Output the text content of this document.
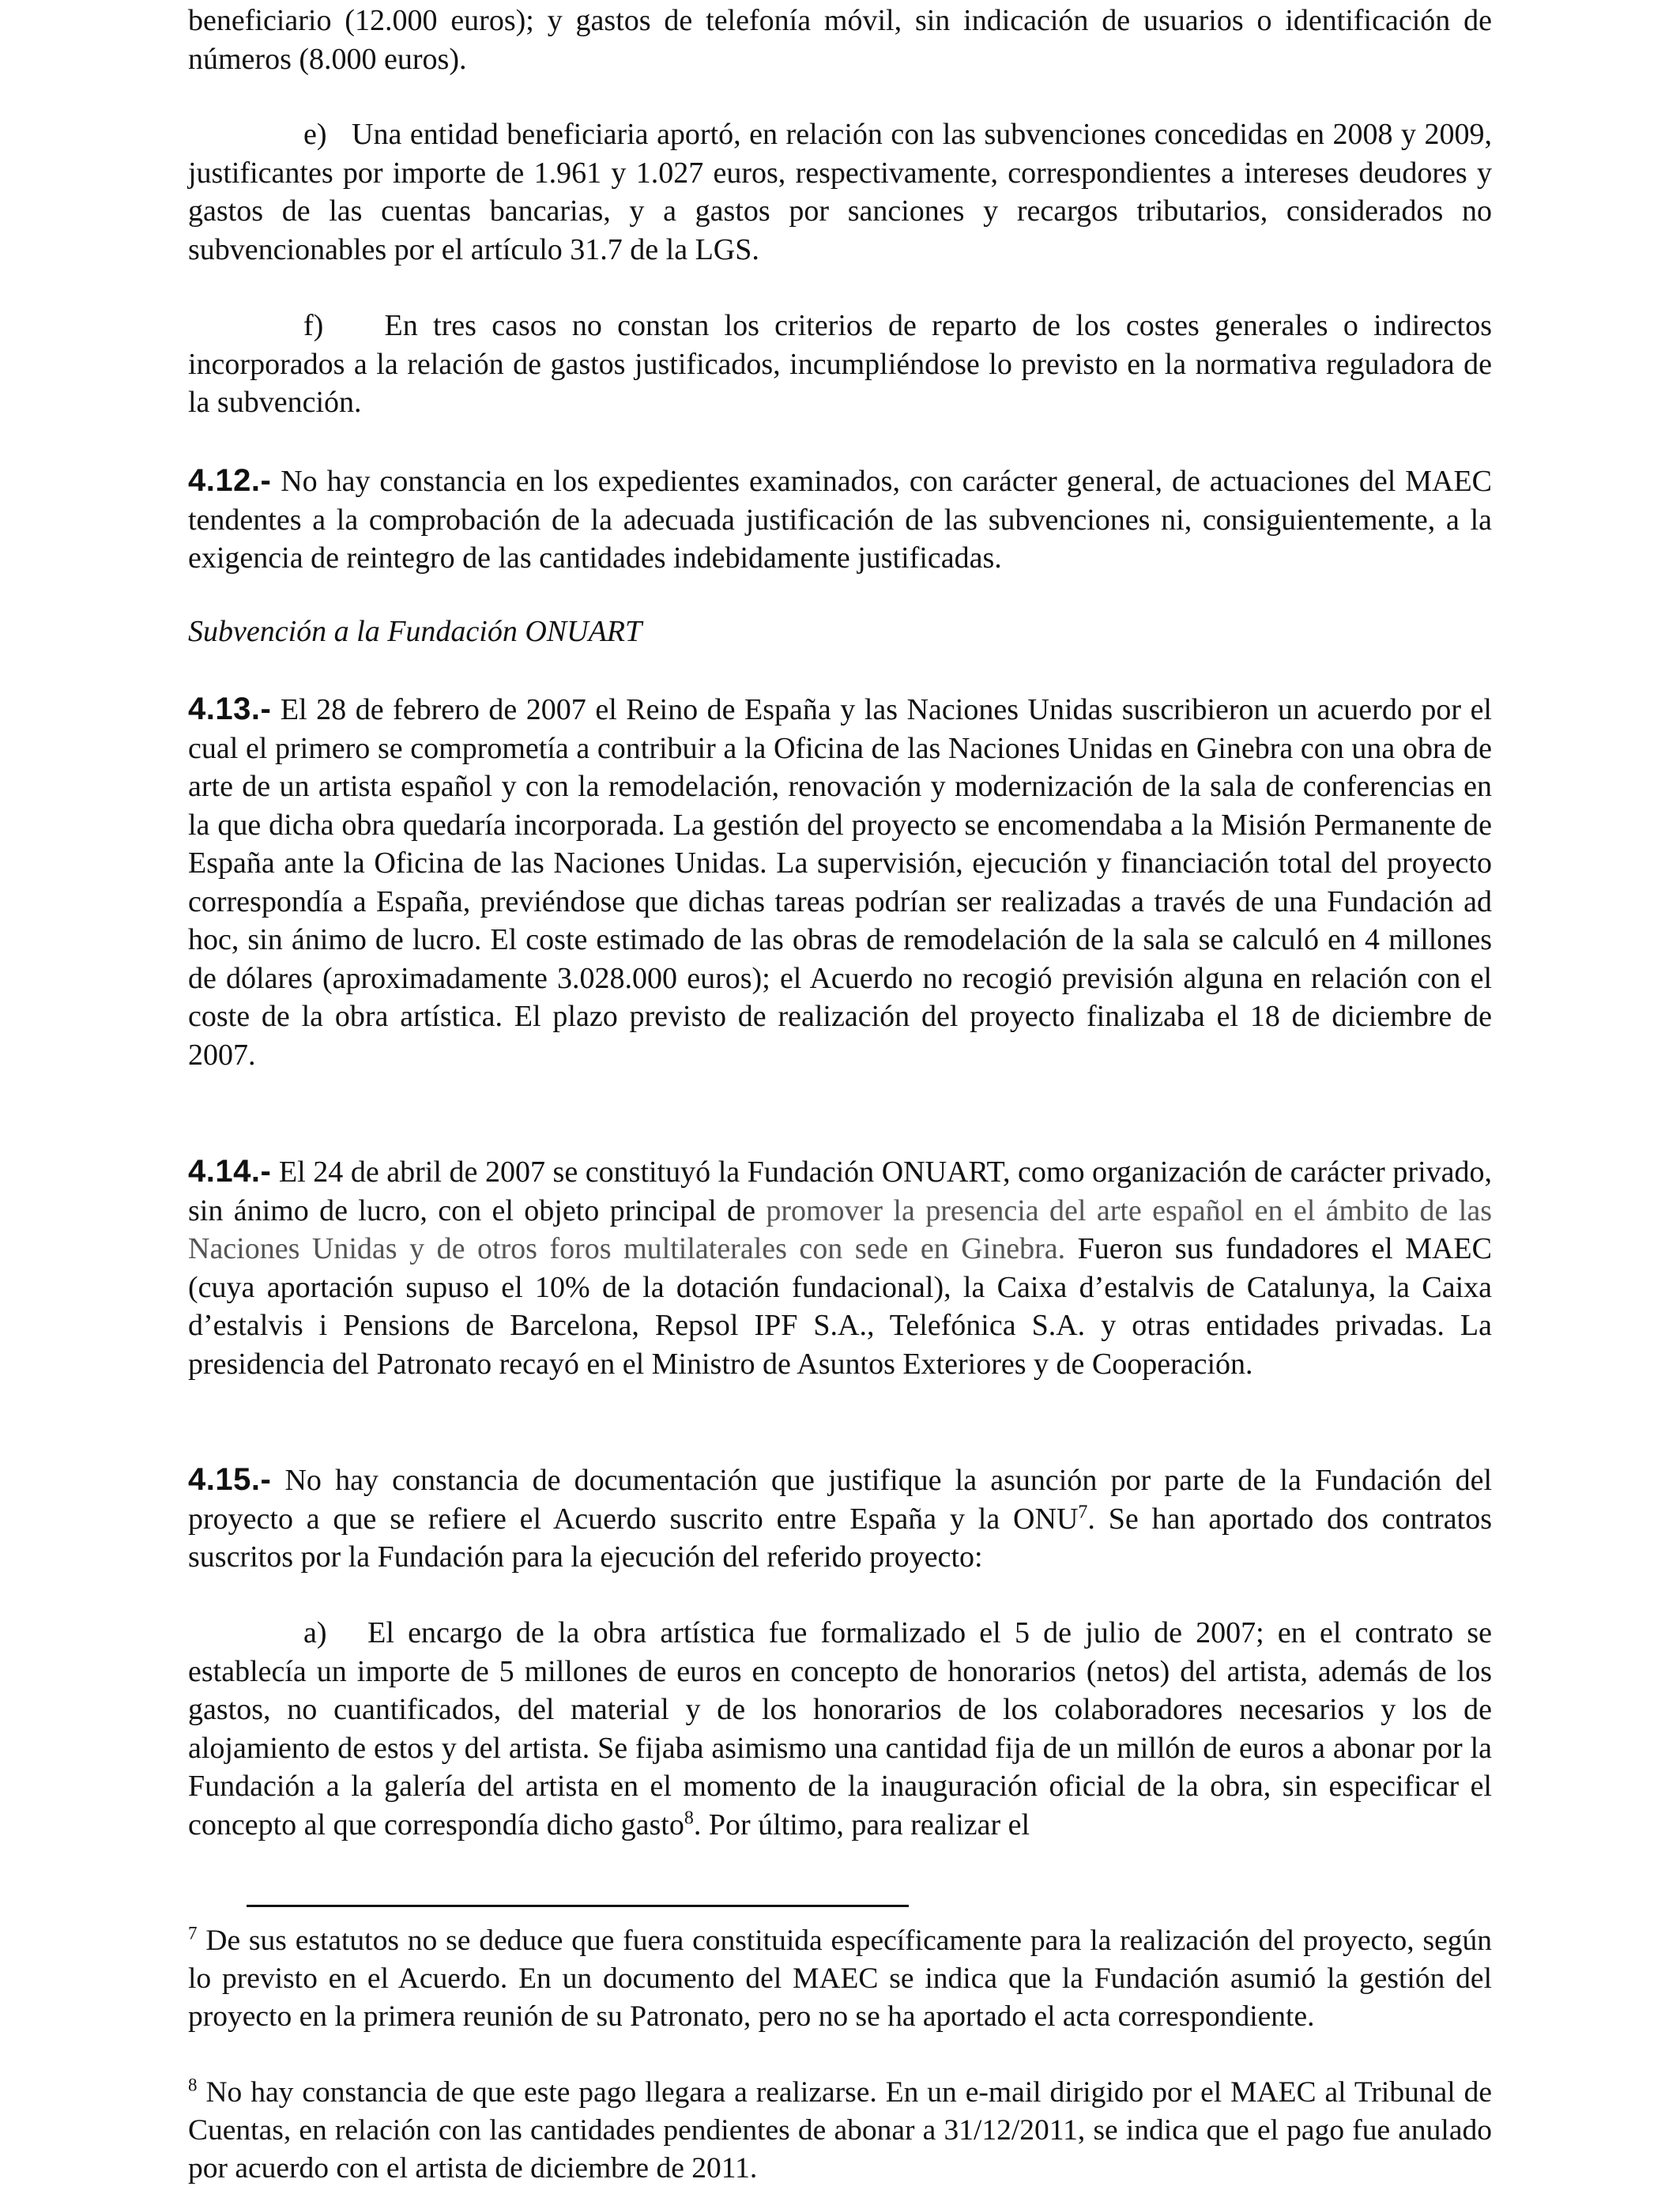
beneficiario (12.000 euros); y gastos de telefonía móvil, sin indicación de usuarios o identificación de números (8.000 euros).

e)   Una entidad beneficiaria aportó, en relación con las subvenciones concedidas en 2008 y 2009, justificantes por importe de 1.961 y 1.027 euros, respectivamente, correspondientes a intereses deudores y gastos de las cuentas bancarias, y a gastos por sanciones y recargos tributarios, considerados no subvencionables por el artículo 31.7 de la LGS.

f)    En tres casos no constan los criterios de reparto de los costes generales o indirectos incorporados a la relación de gastos justificados, incumpliéndose lo previsto en la normativa reguladora de la subvención.

4.12.- No hay constancia en los expedientes examinados, con carácter general, de actuaciones del MAEC tendentes a la comprobación de la adecuada justificación de las subvenciones ni, consiguientemente, a la exigencia de reintegro de las cantidades indebidamente justificadas.

Subvención a la Fundación ONUART

4.13.- El 28 de febrero de 2007 el Reino de España y las Naciones Unidas suscribieron un acuerdo por el cual el primero se comprometía a contribuir a la Oficina de las Naciones Unidas en Ginebra con una obra de arte de un artista español y con la remodelación, renovación y modernización de la sala de conferencias en la que dicha obra quedaría incorporada. La gestión del proyecto se encomendaba a la Misión Permanente de España ante la Oficina de las Naciones Unidas. La supervisión, ejecución y financiación total del proyecto correspondía a España, previéndose que dichas tareas podrían ser realizadas a través de una Fundación ad hoc, sin ánimo de lucro. El coste estimado de las obras de remodelación de la sala se calculó en 4 millones de dólares (aproximadamente 3.028.000 euros); el Acuerdo no recogió previsión alguna en relación con el coste de la obra artística. El plazo previsto de realización del proyecto finalizaba el 18 de diciembre de 2007.

4.14.- El 24 de abril de 2007 se constituyó la Fundación ONUART, como organización de carácter privado, sin ánimo de lucro, con el objeto principal de promover la presencia del arte español en el ámbito de las Naciones Unidas y de otros foros multilaterales con sede en Ginebra. Fueron sus fundadores el MAEC (cuya aportación supuso el 10% de la dotación fundacional), la Caixa d’estalvis de Catalunya, la Caixa d’estalvis i Pensions de Barcelona, Repsol IPF S.A., Telefónica S.A. y otras entidades privadas. La presidencia del Patronato recayó en el Ministro de Asuntos Exteriores y de Cooperación.

4.15.- No hay constancia de documentación que justifique la asunción por parte de la Fundación del proyecto a que se refiere el Acuerdo suscrito entre España y la ONU$^7$. Se han aportado dos contratos suscritos por la Fundación para la ejecución del referido proyecto:

a)   El encargo de la obra artística fue formalizado el 5 de julio de 2007; en el contrato se establecía un importe de 5 millones de euros en concepto de honorarios (netos) del artista, además de los gastos, no cuantificados, del material y de los honorarios de los colaboradores necesarios y los de alojamiento de estos y del artista. Se fijaba asimismo una cantidad fija de un millón de euros a abonar por la Fundación a la galería del artista en el momento de la inauguración oficial de la obra, sin especificar el concepto al que correspondía dicho gasto$^8$. Por último, para realizar el

$^7$ De sus estatutos no se deduce que fuera constituida específicamente para la realización del proyecto, según lo previsto en el Acuerdo. En un documento del MAEC se indica que la Fundación asumió la gestión del proyecto en la primera reunión de su Patronato, pero no se ha aportado el acta correspondiente.

$^8$ No hay constancia de que este pago llegara a realizarse. En un e-mail dirigido por el MAEC al Tribunal de Cuentas, en relación con las cantidades pendientes de abonar a 31/12/2011, se indica que el pago fue anulado por acuerdo con el artista de diciembre de 2011.
